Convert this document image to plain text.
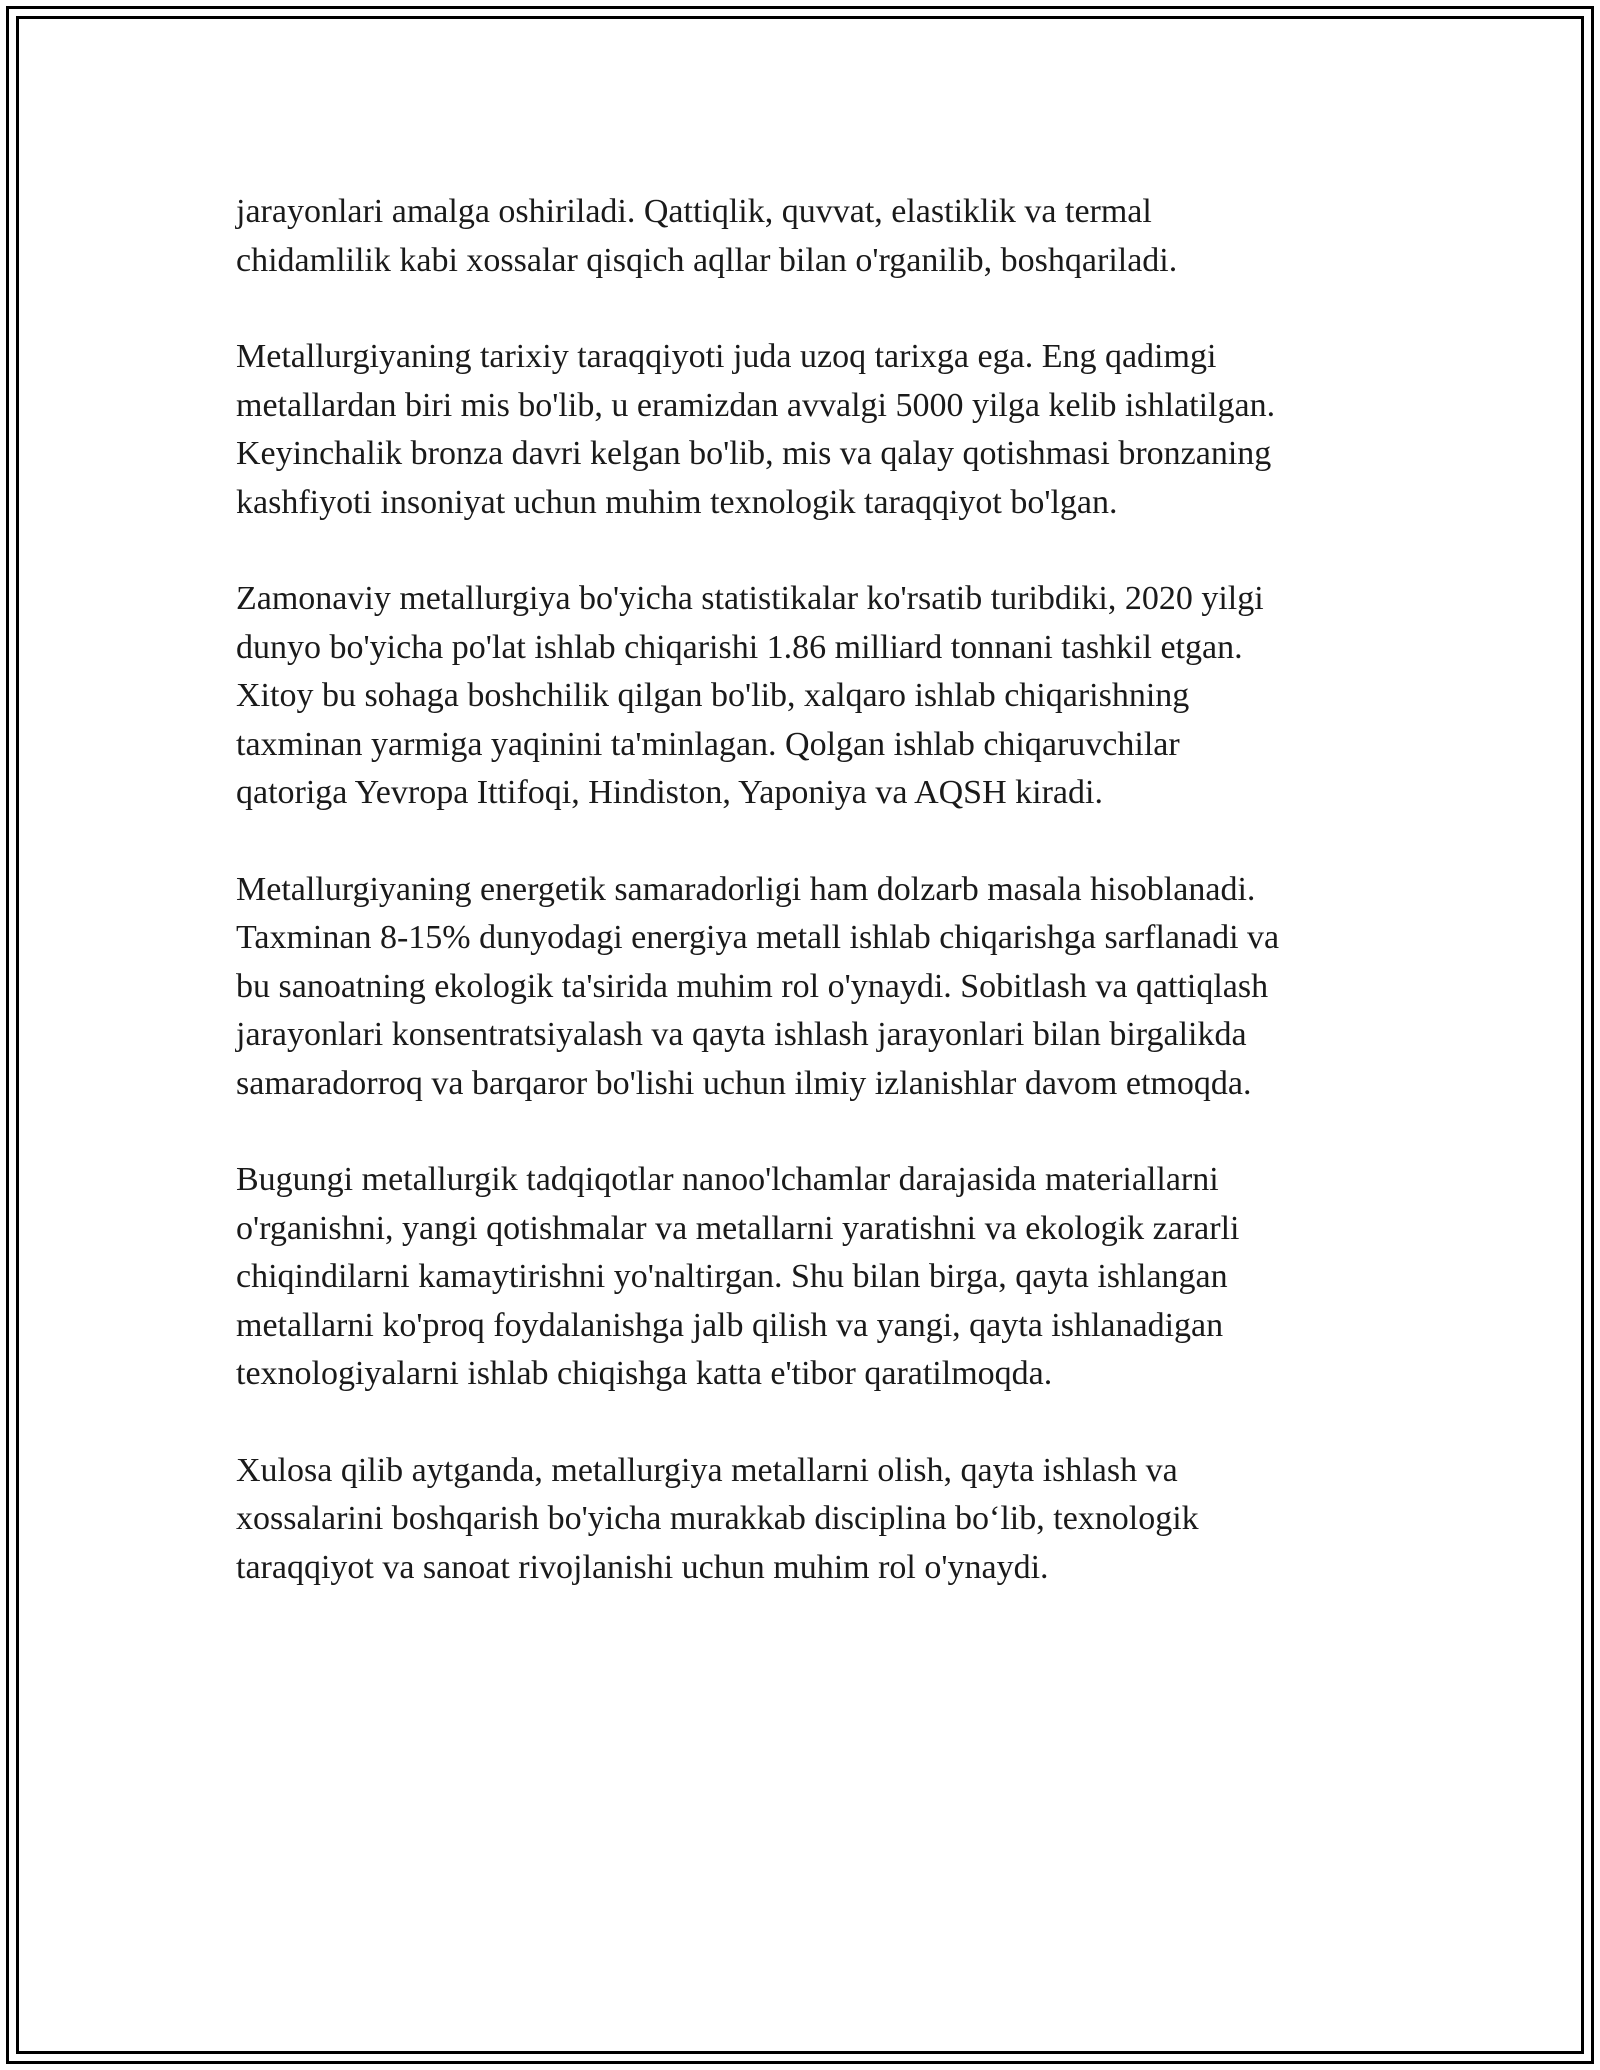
jarayonlari amalga oshiriladi. Qattiqlik, quvvat, elastiklik va termal
chidamlilik kabi xossalar qisqich aqllar bilan o'rganilib, boshqariladi.

Metallurgiyaning tarixiy taraqqiyoti juda uzoq tarixga ega. Eng qadimgi
metallardan biri mis bo'lib, u eramizdan avvalgi 5000 yilga kelib ishlatilgan.
Keyinchalik bronza davri kelgan bo'lib, mis va qalay qotishmasi bronzaning
kashfiyoti insoniyat uchun muhim texnologik taraqqiyot bo'lgan.

Zamonaviy metallurgiya bo'yicha statistikalar ko'rsatib turibdiki, 2020 yilgi
dunyo bo'yicha po'lat ishlab chiqarishi 1.86 milliard tonnani tashkil etgan.
Xitoy bu sohaga boshchilik qilgan bo'lib, xalqaro ishlab chiqarishning
taxminan yarmiga yaqinini ta'minlagan. Qolgan ishlab chiqaruvchilar
qatoriga Yevropa Ittifoqi, Hindiston, Yaponiya va AQSH kiradi.

Metallurgiyaning energetik samaradorligi ham dolzarb masala hisoblanadi.
Taxminan 8-15% dunyodagi energiya metall ishlab chiqarishga sarflanadi va
bu sanoatning ekologik ta'sirida muhim rol o'ynaydi. Sobitlash va qattiqlash
jarayonlari konsentratsiyalash va qayta ishlash jarayonlari bilan birgalikda
samaradorroq va barqaror bo'lishi uchun ilmiy izlanishlar davom etmoqda.

Bugungi metallurgik tadqiqotlar nanoo'lchamlar darajasida materiallarni
o'rganishni, yangi qotishmalar va metallarni yaratishni va ekologik zararli
chiqindilarni kamaytirishni yo'naltirgan. Shu bilan birga, qayta ishlangan
metallarni ko'proq foydalanishga jalb qilish va yangi, qayta ishlanadigan
texnologiyalarni ishlab chiqishga katta e'tibor qaratilmoqda.

Xulosa qilib aytganda, metallurgiya metallarni olish, qayta ishlash va
xossalarini boshqarish bo'yicha murakkab disciplina bo‘lib, texnologik
taraqqiyot va sanoat rivojlanishi uchun muhim rol o'ynaydi.
